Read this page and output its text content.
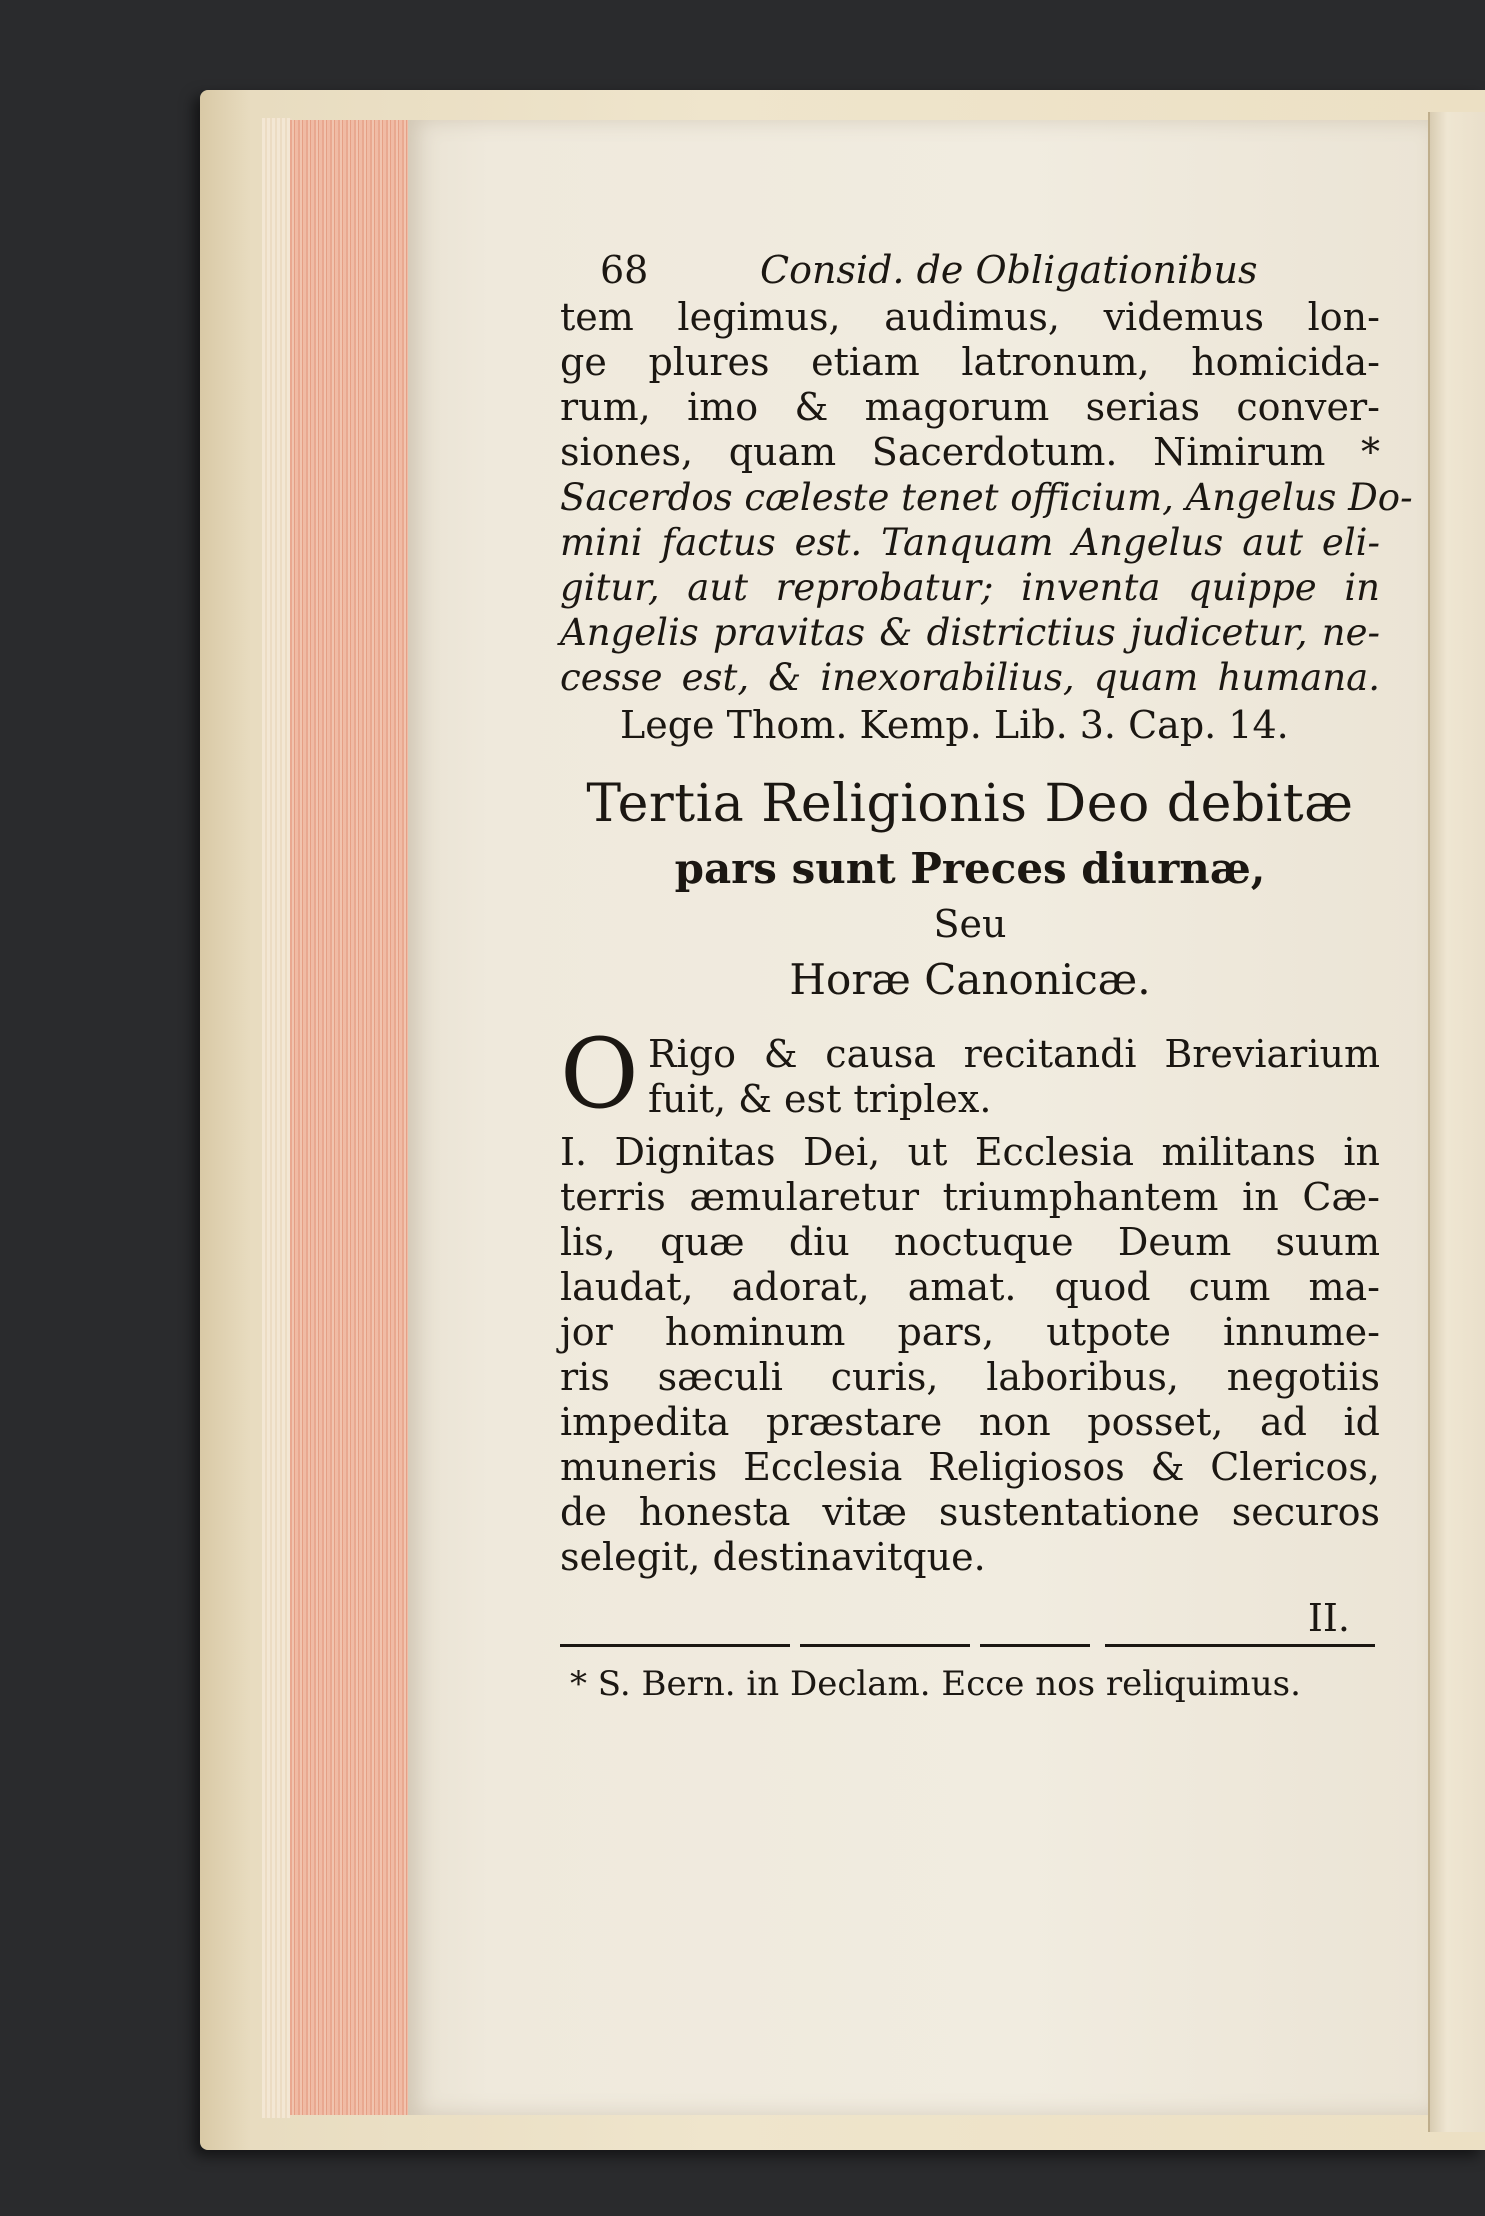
68	Consid. de Obligationibus
tem legimus, audimus, videmus lon-
ge plures etiam latronum, homicida-
rum, imo & magorum serias conver-
siones, quam Sacerdotum. Nimirum *
Sacerdos cæleste tenet officium, Angelus Do-
mini factus est. Tanquam Angelus aut eli-
gitur, aut reprobatur; inventa quippe in
Angelis pravitas & districtius judicetur, ne-
cesse est, & inexorabilius, quam humana.
Lege Thom. Kemp. Lib. 3. Cap. 14.
Tertia Religionis Deo debitæ
pars sunt Preces diurnæ,
Seu
Horæ Canonicæ.
O Rigo & causa recitandi Breviarium
fuit, & est triplex.
I. Dignitas Dei, ut Ecclesia militans in
terris æmularetur triumphantem in Cæ-
lis, quæ diu noctuque Deum suum
laudat, adorat, amat. quod cum ma-
jor hominum pars, utpote innume-
ris sæculi curis, laboribus, negotiis
impedita præstare non posset, ad id
muneris Ecclesia Religiosos & Clericos,
de honesta vitæ sustentatione securos
selegit, destinavitque.
II.
* S. Bern. in Declam. Ecce nos reliquimus.
